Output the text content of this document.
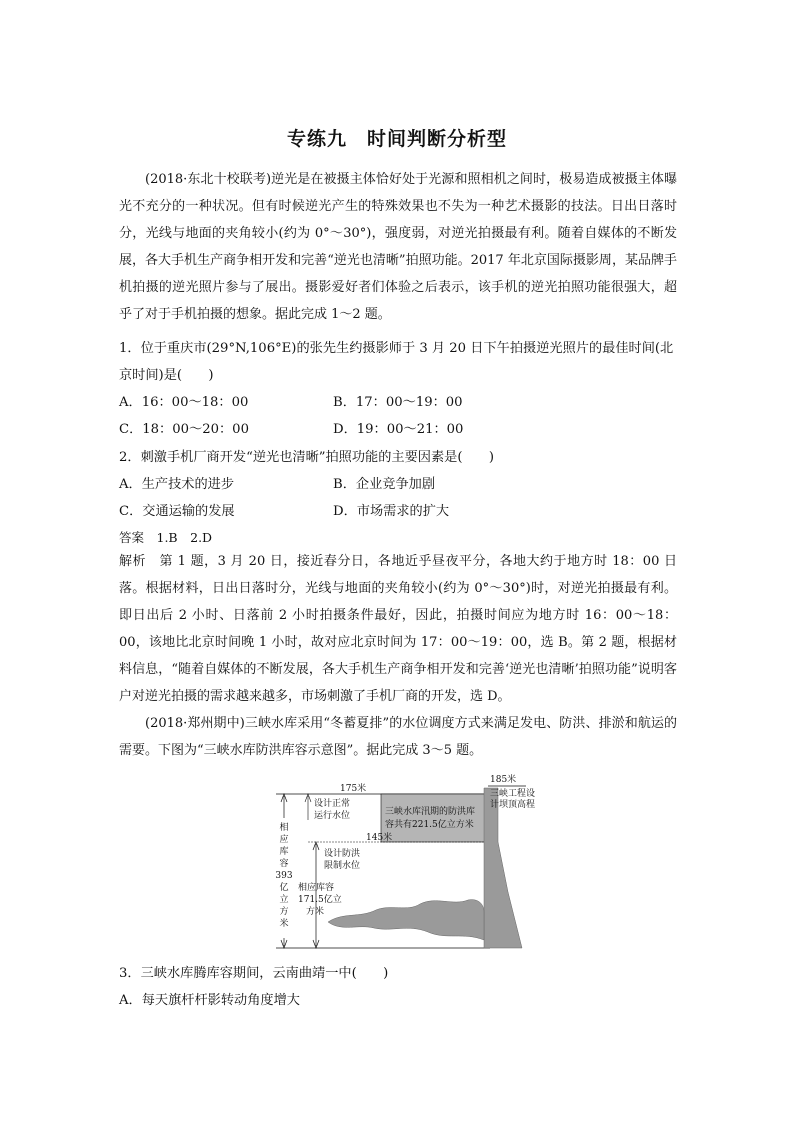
专练九　时间判断分析型
(2018·东北十校联考)逆光是在被摄主体恰好处于光源和照相机之间时，极易造成被摄主体曝光不充分的一种状况。但有时候逆光产生的特殊效果也不失为一种艺术摄影的技法。日出日落时分，光线与地面的夹角较小(约为 0°～30°)，强度弱，对逆光拍摄最有利。随着自媒体的不断发展，各大手机生产商争相开发和完善“逆光也清晰”拍照功能。2017 年北京国际摄影周，某品牌手机拍摄的逆光照片参与了展出。摄影爱好者们体验之后表示，该手机的逆光拍照功能很强大，超乎了对于手机拍摄的想象。据此完成 1～2 题。
1．位于重庆市(29°N,106°E)的张先生约摄影师于 3 月 20 日下午拍摄逆光照片的最佳时间(北
京时间)是(　　)
A．16：00～18：00	B．17：00～19：00
C．18：00～20：00	D．19：00～21：00
2．刺激手机厂商开发“逆光也清晰”拍照功能的主要因素是(　　)
A．生产技术的进步	B．企业竞争加剧
C．交通运输的发展	D．市场需求的扩大
答案　1.B　2.D
解析　第 1 题，3 月 20 日，接近春分日，各地近乎昼夜平分，各地大约于地方时 18：00 日落。根据材料，日出日落时分，光线与地面的夹角较小(约为 0°～30°)时，对逆光拍摄最有利。即日出后 2 小时、日落前 2 小时拍摄条件最好，因此，拍摄时间应为地方时 16：00～18：00，该地比北京时间晚 1 小时，故对应北京时间为 17：00～19：00，选 B。第 2 题，根据材料信息，“随着自媒体的不断发展，各大手机生产商争相开发和完善‘逆光也清晰’拍照功能”说明客户对逆光拍摄的需求越来越多，市场刺激了手机厂商的开发，选 D。
(2018·郑州期中)三峡水库采用“冬蓄夏排”的水位调度方式来满足发电、防洪、排淤和航运的需要。下图为“三峡水库防洪库容示意图”。据此完成 3～5 题。
185米
三峡工程设
计坝顶高程
175米
设计正常
运行水位	三峡水库汛期的防洪库
容共有221.5亿立方米
145米
设计防洪
限制水位
相应库容
171.5亿立
方米
相
应
库
容
393
亿
立
方
米
3．三峡水库腾库容期间，云南曲靖一中(　　)
A．每天旗杆杆影转动角度增大
